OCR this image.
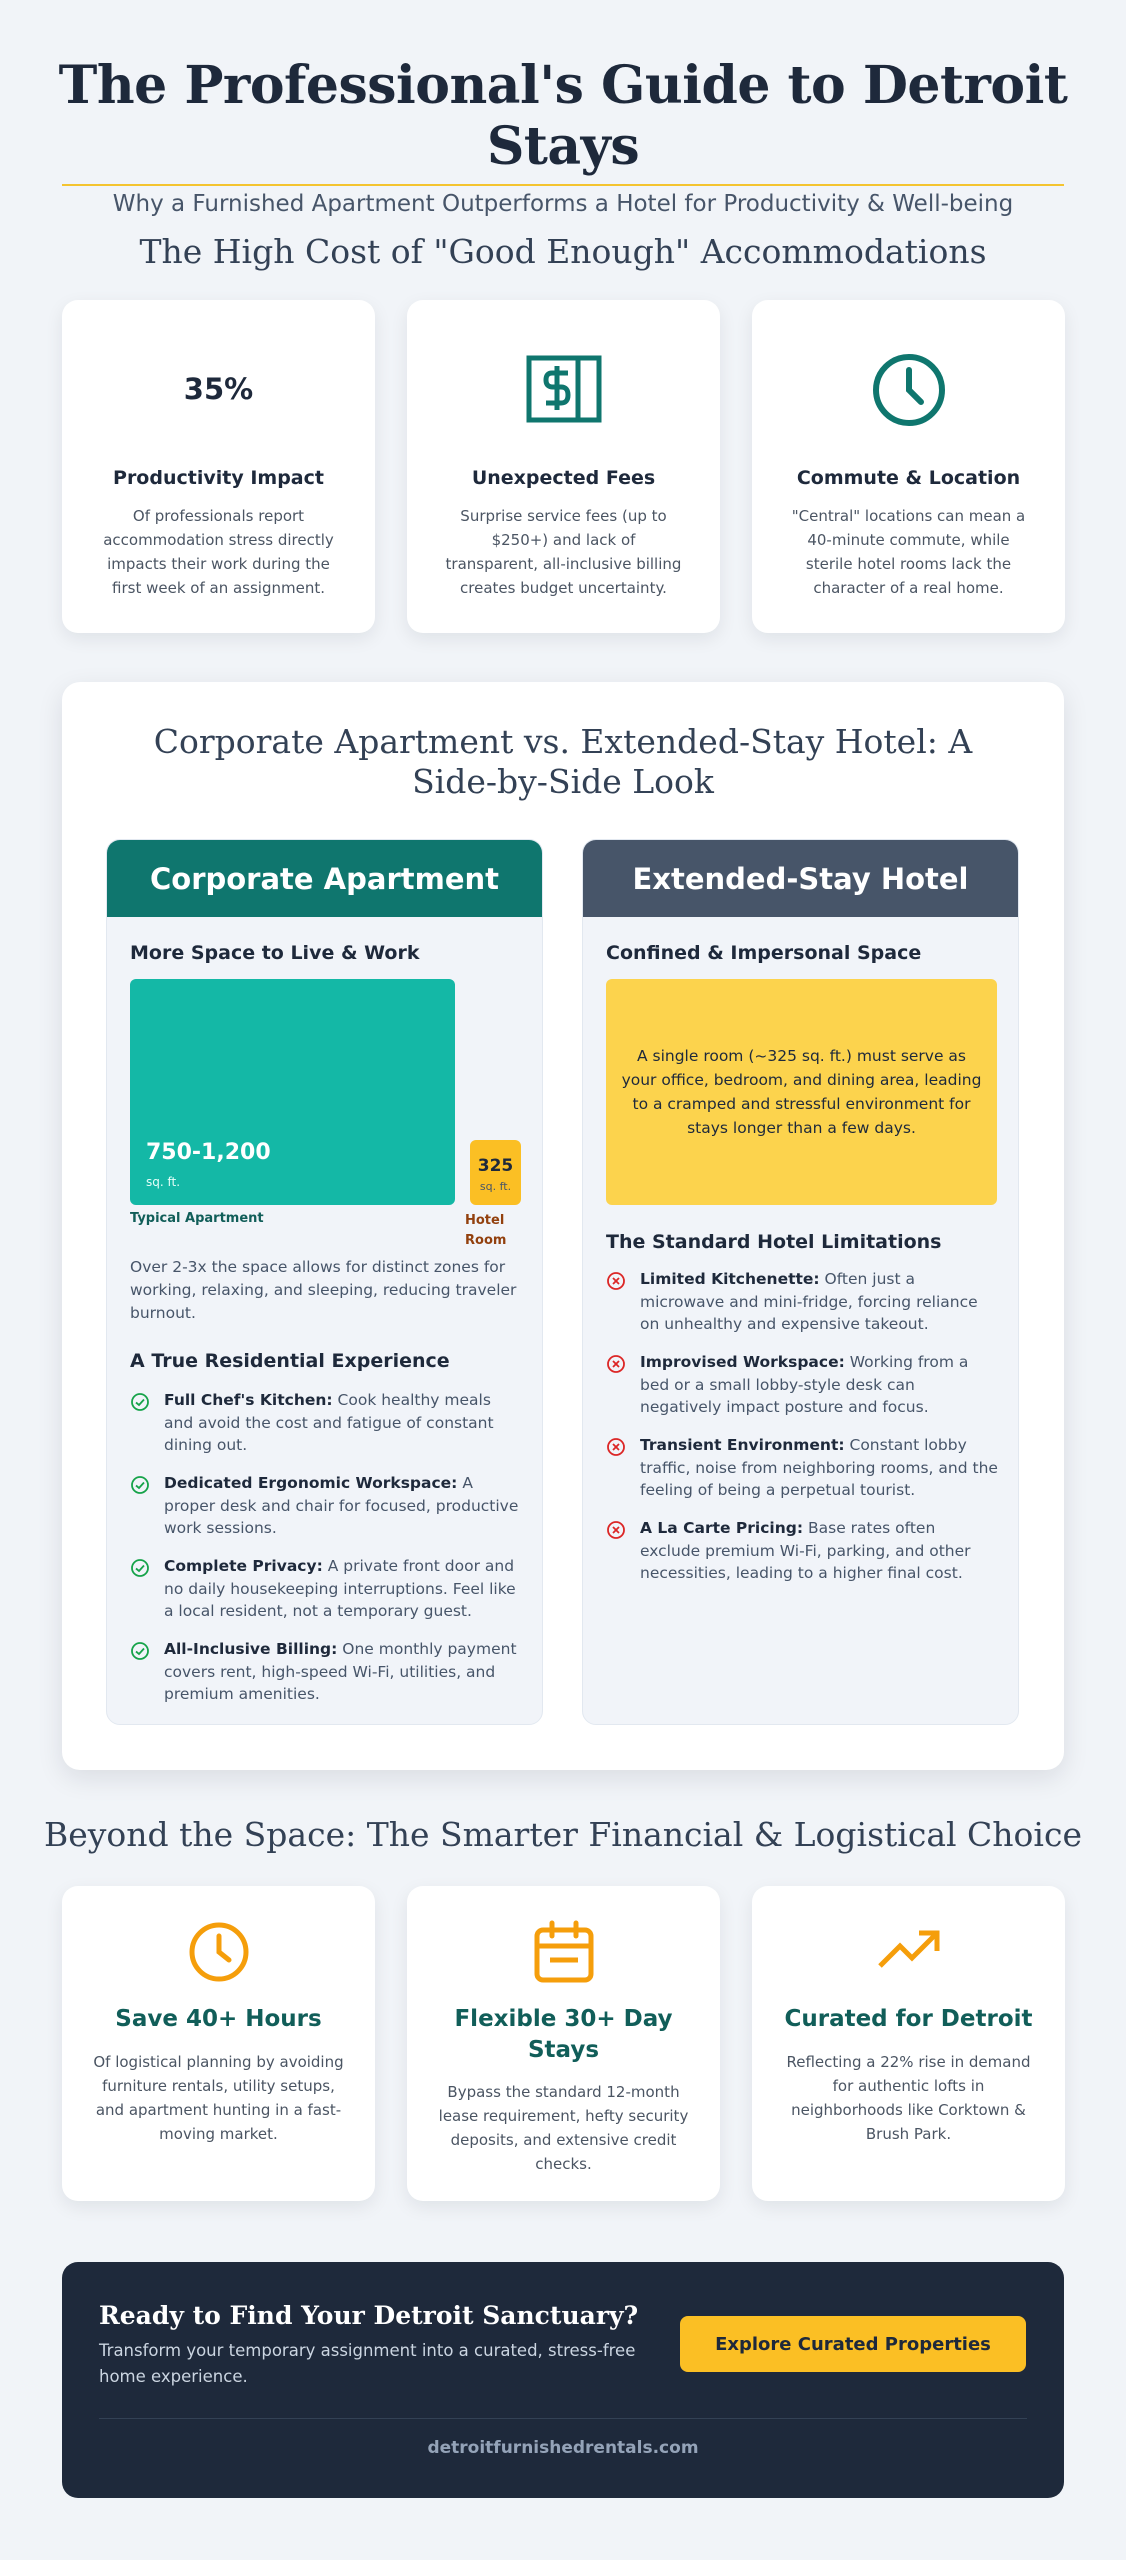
The Professional's Guide to Detroit Stays

Why a Furnished Apartment Outperforms a Hotel for Productivity & Well-being

The High Cost of "Good Enough" Accommodations
35%
Productivity Impact
Of professionals report accommodation stress directly impacts their work during the first week of an assignment.
Unexpected Fees
Surprise service fees (up to $250+) and lack of transparent, all-inclusive billing creates budget uncertainty.
Commute & Location
"Central" locations can mean a 40-minute commute, while sterile hotel rooms lack the character of a real home.
Corporate Apartment vs. Extended-Stay Hotel: A Side-by-Side Look
Corporate Apartment
More Space to Live & Work
750-1,200
sq. ft.
325
sq. ft.
Typical Apartment	Hotel Room
Over 2-3x the space allows for distinct zones for working, relaxing, and sleeping, reducing traveler burnout.
A True Residential Experience
Full Chef's Kitchen: Cook healthy meals and avoid the cost and fatigue of constant dining out.
Dedicated Ergonomic Workspace: A proper desk and chair for focused, productive work sessions.
Complete Privacy: A private front door and no daily housekeeping interruptions. Feel like a local resident, not a temporary guest.
All-Inclusive Billing: One monthly payment covers rent, high-speed Wi-Fi, utilities, and premium amenities.
Extended-Stay Hotel
Confined & Impersonal Space
A single room (~325 sq. ft.) must serve as your office, bedroom, and dining area, leading to a cramped and stressful environment for stays longer than a few days.
The Standard Hotel Limitations
Limited Kitchenette: Often just a microwave and mini-fridge, forcing reliance on unhealthy and expensive takeout.
Improvised Workspace: Working from a bed or a small lobby-style desk can negatively impact posture and focus.
Transient Environment: Constant lobby traffic, noise from neighboring rooms, and the feeling of being a perpetual tourist.
A La Carte Pricing: Base rates often exclude premium Wi-Fi, parking, and other necessities, leading to a higher final cost.
Beyond the Space: The Smarter Financial & Logistical Choice
Save 40+ Hours
Of logistical planning by avoiding furniture rentals, utility setups, and apartment hunting in a fast-moving market.
Flexible 30+ Day Stays
Bypass the standard 12-month lease requirement, hefty security deposits, and extensive credit checks.
Curated for Detroit
Reflecting a 22% rise in demand for authentic lofts in neighborhoods like Corktown & Brush Park.
Ready to Find Your Detroit Sanctuary?

Transform your temporary assignment into a curated, stress-free home experience.

Explore Curated Properties
detroitfurnishedrentals.com
